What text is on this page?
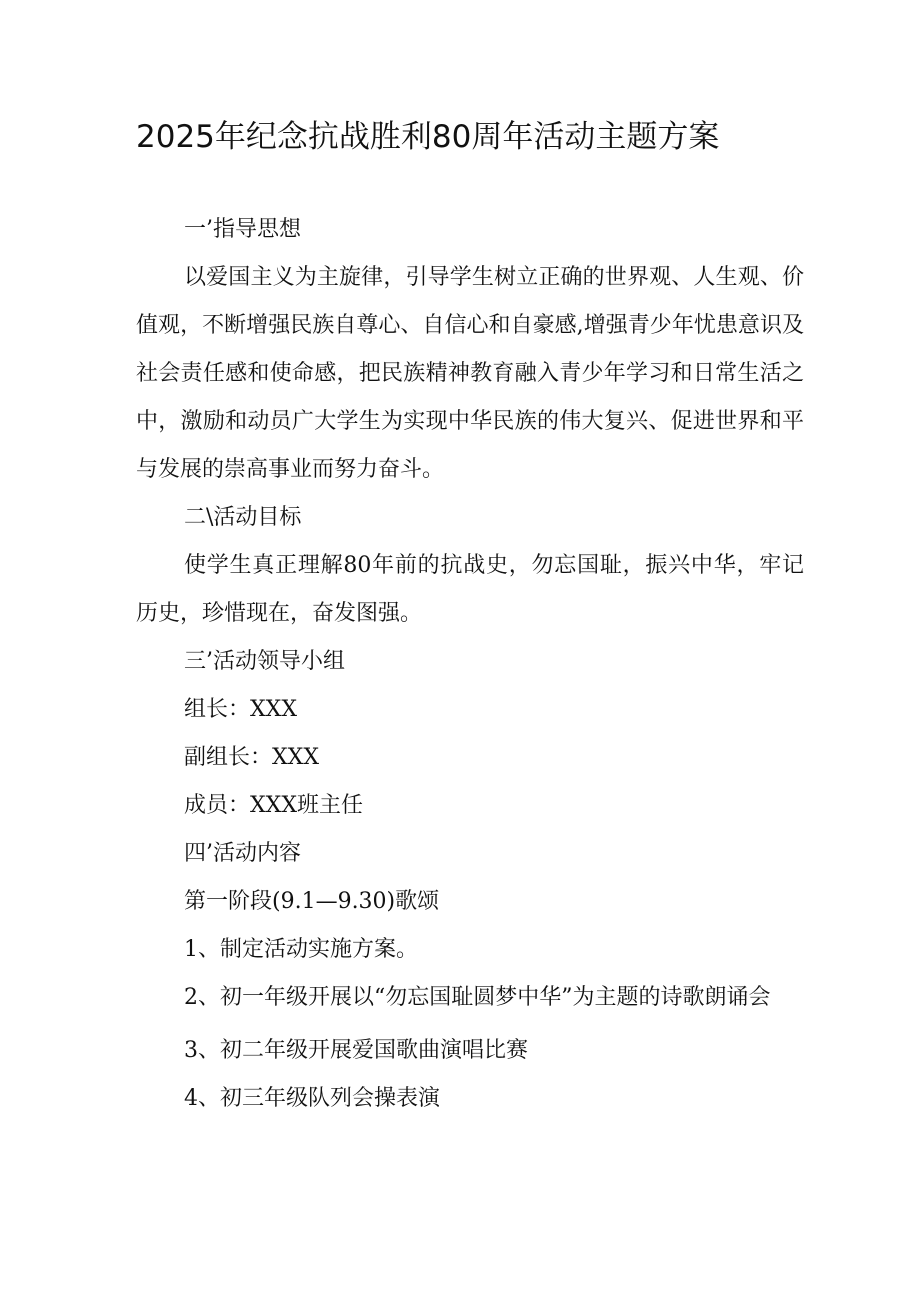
2025年纪念抗战胜利80周年活动主题方案

一’指导思想

以爱国主义为主旋律，引导学生树立正确的世界观、人生观、价值观，不断增强民族自尊心、自信心和自豪感,增强青少年忧患意识及社会责任感和使命感，把民族精神教育融入青少年学习和日常生活之中，激励和动员广大学生为实现中华民族的伟大复兴、促进世界和平与发展的崇高事业而努力奋斗。

二\活动目标

使学生真正理解80年前的抗战史，勿忘国耻，振兴中华，牢记历史，珍惜现在，奋发图强。

三’活动领导小组

组长：XXX

副组长：XXX

成员：XXX班主任

四’活动内容

第一阶段(9.1—9.30)歌颂

1、制定活动实施方案。

2、初一年级开展以“勿忘国耻圆梦中华”为主题的诗歌朗诵会

3、初二年级开展爱国歌曲演唱比赛

4、初三年级队列会操表演
